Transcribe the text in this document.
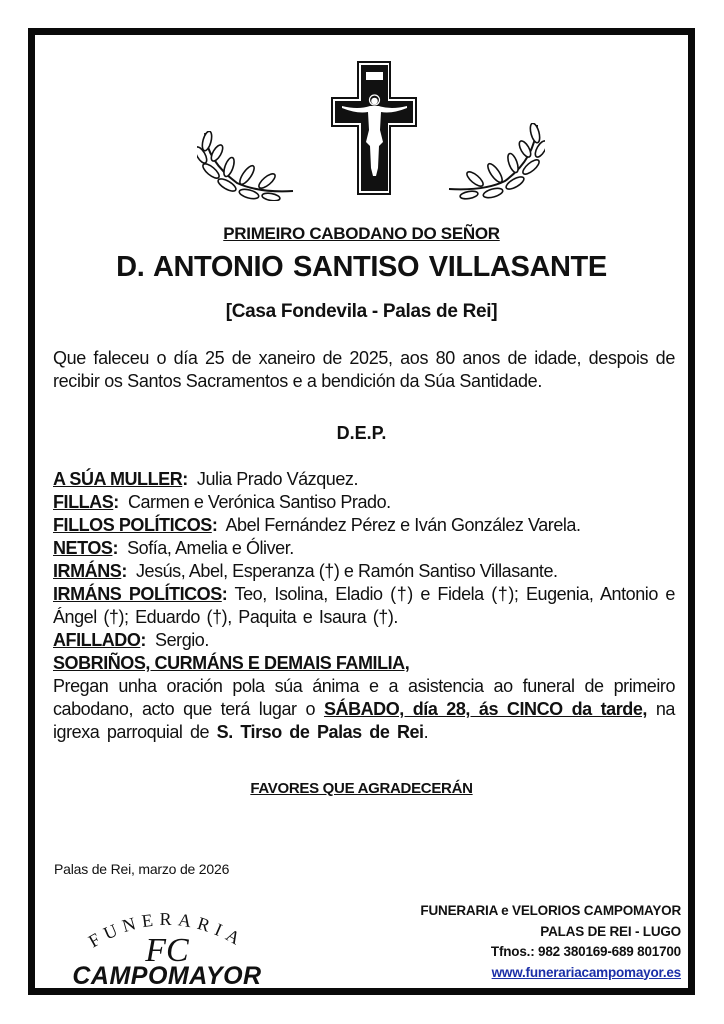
PRIMEIRO CABODANO DO SEÑOR
D. ANTONIO SANTISO VILLASANTE
[Casa Fondevila - Palas de Rei]
Que faleceu o día 25 de xaneiro de 2025, aos 80 anos de idade, despois de recibir os Santos Sacramentos e a bendición da Súa Santidade.
D.E.P.
A SÚA MULLER:  Julia Prado Vázquez.
FILLAS:  Carmen e Verónica Santiso Prado.
FILLOS POLÍTICOS:  Abel Fernández Pérez e Iván González Varela.
NETOS:  Sofía, Amelia e Óliver.
IRMÁNS:  Jesús, Abel, Esperanza (†) e Ramón Santiso Villasante.
IRMÁNS POLÍTICOS: Teo, Isolina, Eladio (†) e Fidela (†); Eugenia, Antonio e Ángel (†); Eduardo (†), Paquita e Isaura (†).
AFILLADO:  Sergio.
SOBRIÑOS, CURMÁNS E DEMAIS FAMILIA,
Pregan unha oración pola súa ánima e a asistencia ao funeral de primeiro cabodano, acto que terá lugar o SÁBADO, día 28, ás CINCO da tarde, na igrexa parroquial de S. Tirso de Palas de Rei.
FAVORES QUE AGRADECERÁN
Palas de Rei, marzo de 2026
FUNERARIA
FC
CAMPOMAYOR
FUNERARIA e VELORIOS CAMPOMAYOR
PALAS DE REI - LUGO
Tfnos.: 982 380169-689 801700
www.funerariacampomayor.es
